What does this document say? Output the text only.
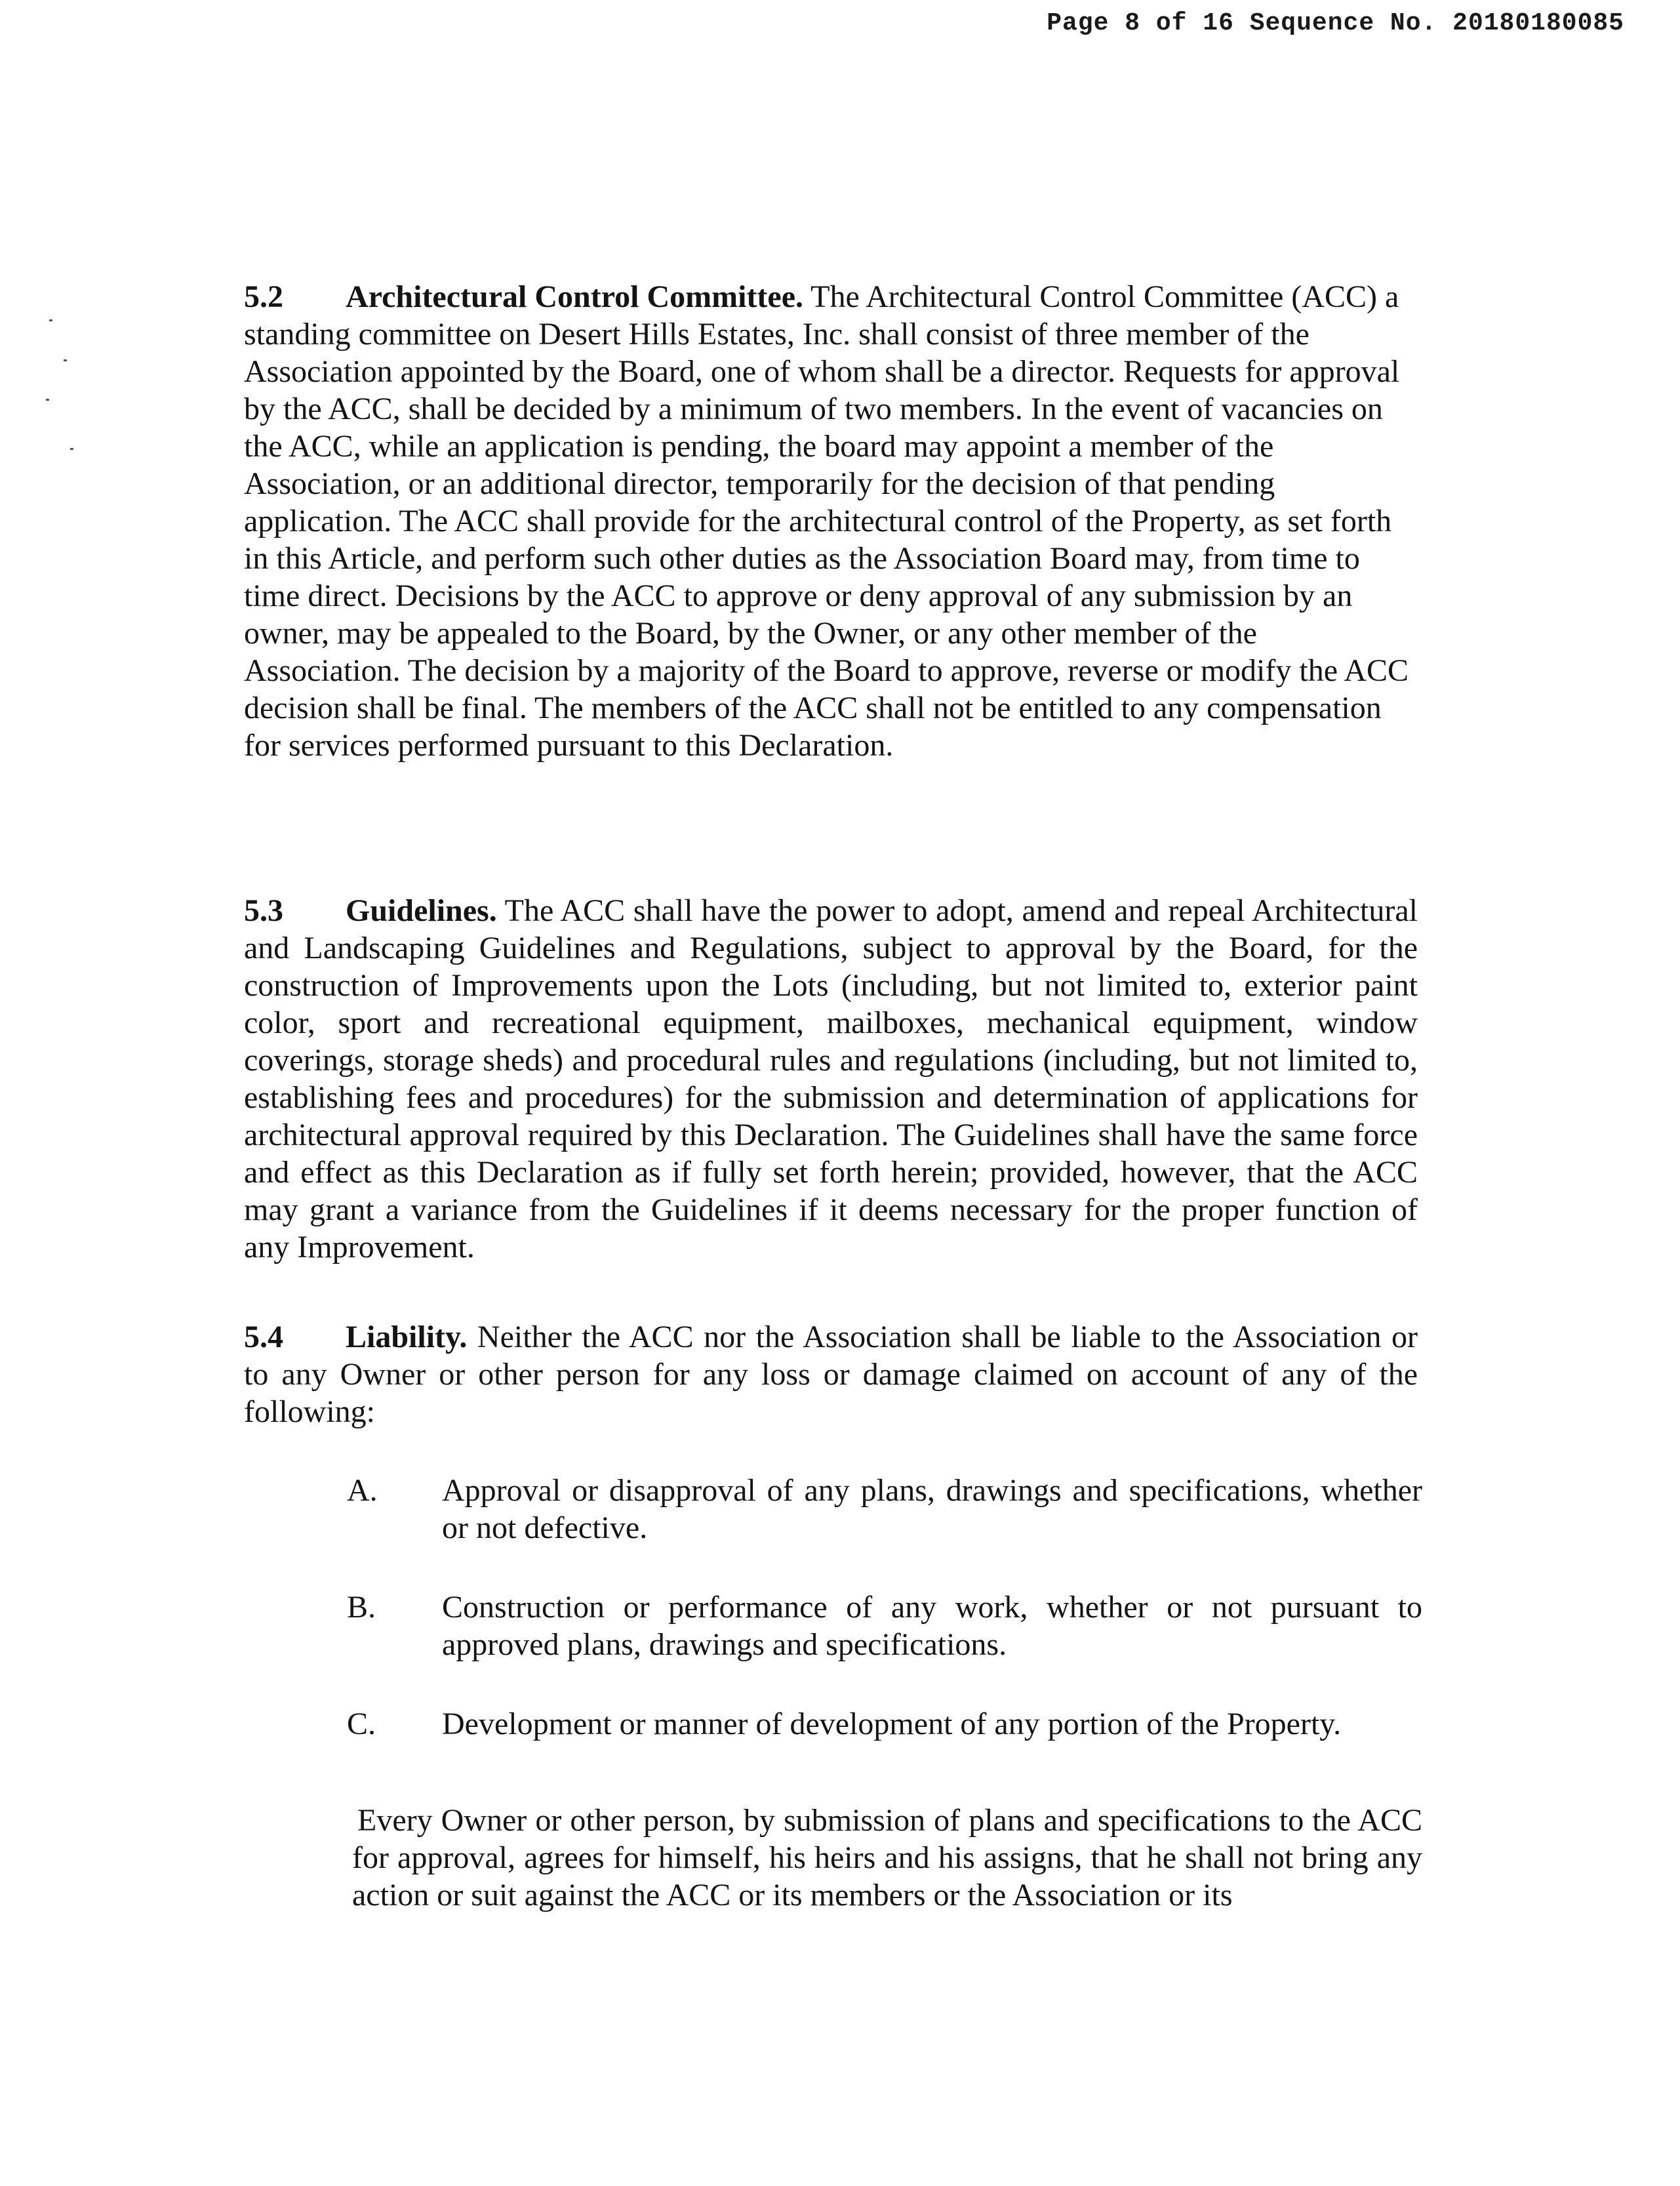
Page 8 of 16 Sequence No. 20180180085

5.2 Architectural Control Committee. The Architectural Control Committee (ACC) a standing committee on Desert Hills Estates, Inc. shall consist of three member of the Association appointed by the Board, one of whom shall be a director. Requests for approval by the ACC, shall be decided by a minimum of two members. In the event of vacancies on the ACC, while an application is pending, the board may appoint a member of the Association, or an additional director, temporarily for the decision of that pending application. The ACC shall provide for the architectural control of the Property, as set forth in this Article, and perform such other duties as the Association Board may, from time to time direct. Decisions by the ACC to approve or deny approval of any submission by an owner, may be appealed to the Board, by the Owner, or any other member of the Association. The decision by a majority of the Board to approve, reverse or modify the ACC decision shall be final. The members of the ACC shall not be entitled to any compensation for services performed pursuant to this Declaration.

5.3 Guidelines. The ACC shall have the power to adopt, amend and repeal Architectural and Landscaping Guidelines and Regulations, subject to approval by the Board, for the construction of Improvements upon the Lots (including, but not limited to, exterior paint color, sport and recreational equipment, mailboxes, mechanical equipment, window coverings, storage sheds) and procedural rules and regulations (including, but not limited to, establishing fees and procedures) for the submission and determination of applications for architectural approval required by this Declaration. The Guidelines shall have the same force and effect as this Declaration as if fully set forth herein; provided, however, that the ACC may grant a variance from the Guidelines if it deems necessary for the proper function of any Improvement.

5.4 Liability. Neither the ACC nor the Association shall be liable to the Association or to any Owner or other person for any loss or damage claimed on account of any of the following:

A. Approval or disapproval of any plans, drawings and specifications, whether or not defective.
B. Construction or performance of any work, whether or not pursuant to approved plans, drawings and specifications.
C. Development or manner of development of any portion of the Property.
Every Owner or other person, by submission of plans and specifications to the ACC for approval, agrees for himself, his heirs and his assigns, that he shall not bring any action or suit against the ACC or its members or the Association or its
